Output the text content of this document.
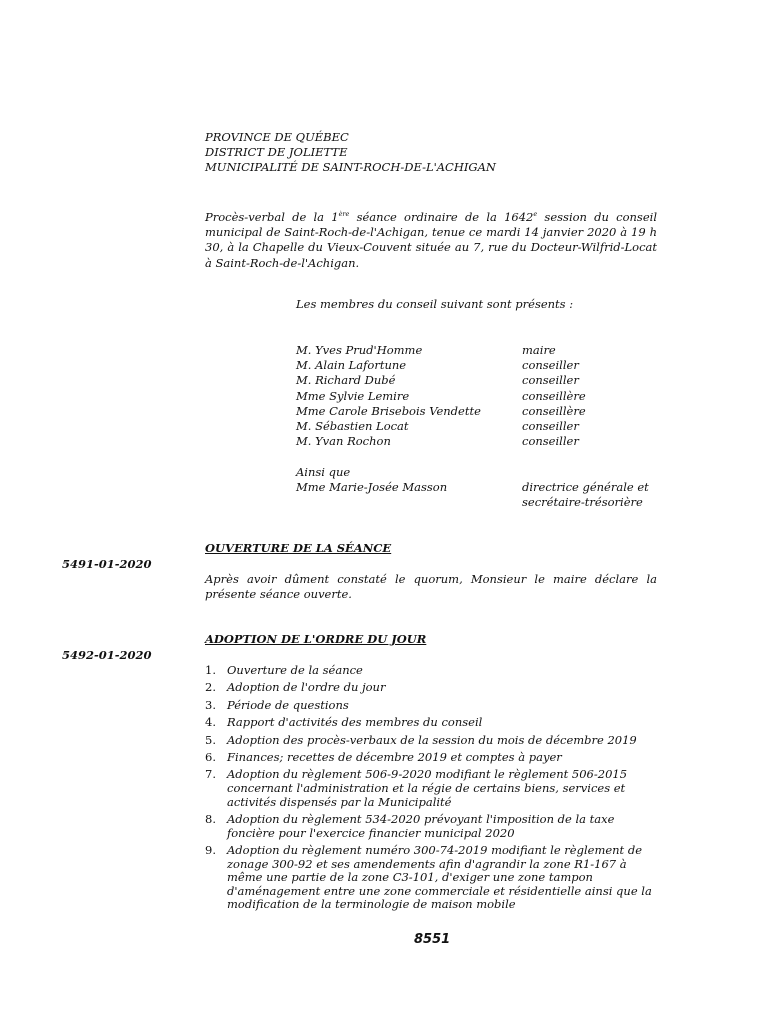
PROVINCE DE QUÉBEC
DISTRICT DE JOLIETTE
MUNICIPALITÉ DE SAINT-ROCH-DE-L'ACHIGAN
Procès-verbal de la 1ère séance ordinaire de la 1642e session du conseil municipal de Saint-Roch-de-l'Achigan, tenue ce mardi 14 janvier 2020 à 19 h 30, à la Chapelle du Vieux-Couvent située au 7, rue du Docteur-Wilfrid-Locat à Saint-Roch-de-l'Achigan.
Les membres du conseil suivant sont présents :
M. Yves Prud'Homme	maire
M. Alain Lafortune	conseiller
M. Richard Dubé	conseiller
Mme Sylvie Lemire	conseillère
Mme Carole Brisebois Vendette	conseillère
M. Sébastien Locat	conseiller
M. Yvan Rochon	conseiller
Ainsi que
Mme Marie-Josée Masson	directrice générale et
secrétaire-trésorière
OUVERTURE DE LA SÉANCE
5491-01-2020
Après avoir dûment constaté le quorum, Monsieur le maire déclare la présente séance ouverte.
ADOPTION DE L'ORDRE DU JOUR
5492-01-2020
1. Ouverture de la séance
2. Adoption de l'ordre du jour
3. Période de questions
4. Rapport d'activités des membres du conseil
5. Adoption des procès-verbaux de la session du mois de décembre 2019
6. Finances; recettes de décembre 2019 et comptes à payer
7. Adoption du règlement 506-9-2020 modifiant le règlement 506-2015
concernant l'administration et la régie de certains biens, services et
activités dispensés par la Municipalité
8. Adoption du règlement 534-2020 prévoyant l'imposition de la taxe
foncière pour l'exercice financier municipal 2020
9. Adoption du règlement numéro 300-74-2019 modifiant le règlement de
zonage 300-92 et ses amendements afin d'agrandir la zone R1-167 à
même une partie de la zone C3-101, d'exiger une zone tampon
d'aménagement entre une zone commerciale et résidentielle ainsi que la
modification de la terminologie de maison mobile
8551
